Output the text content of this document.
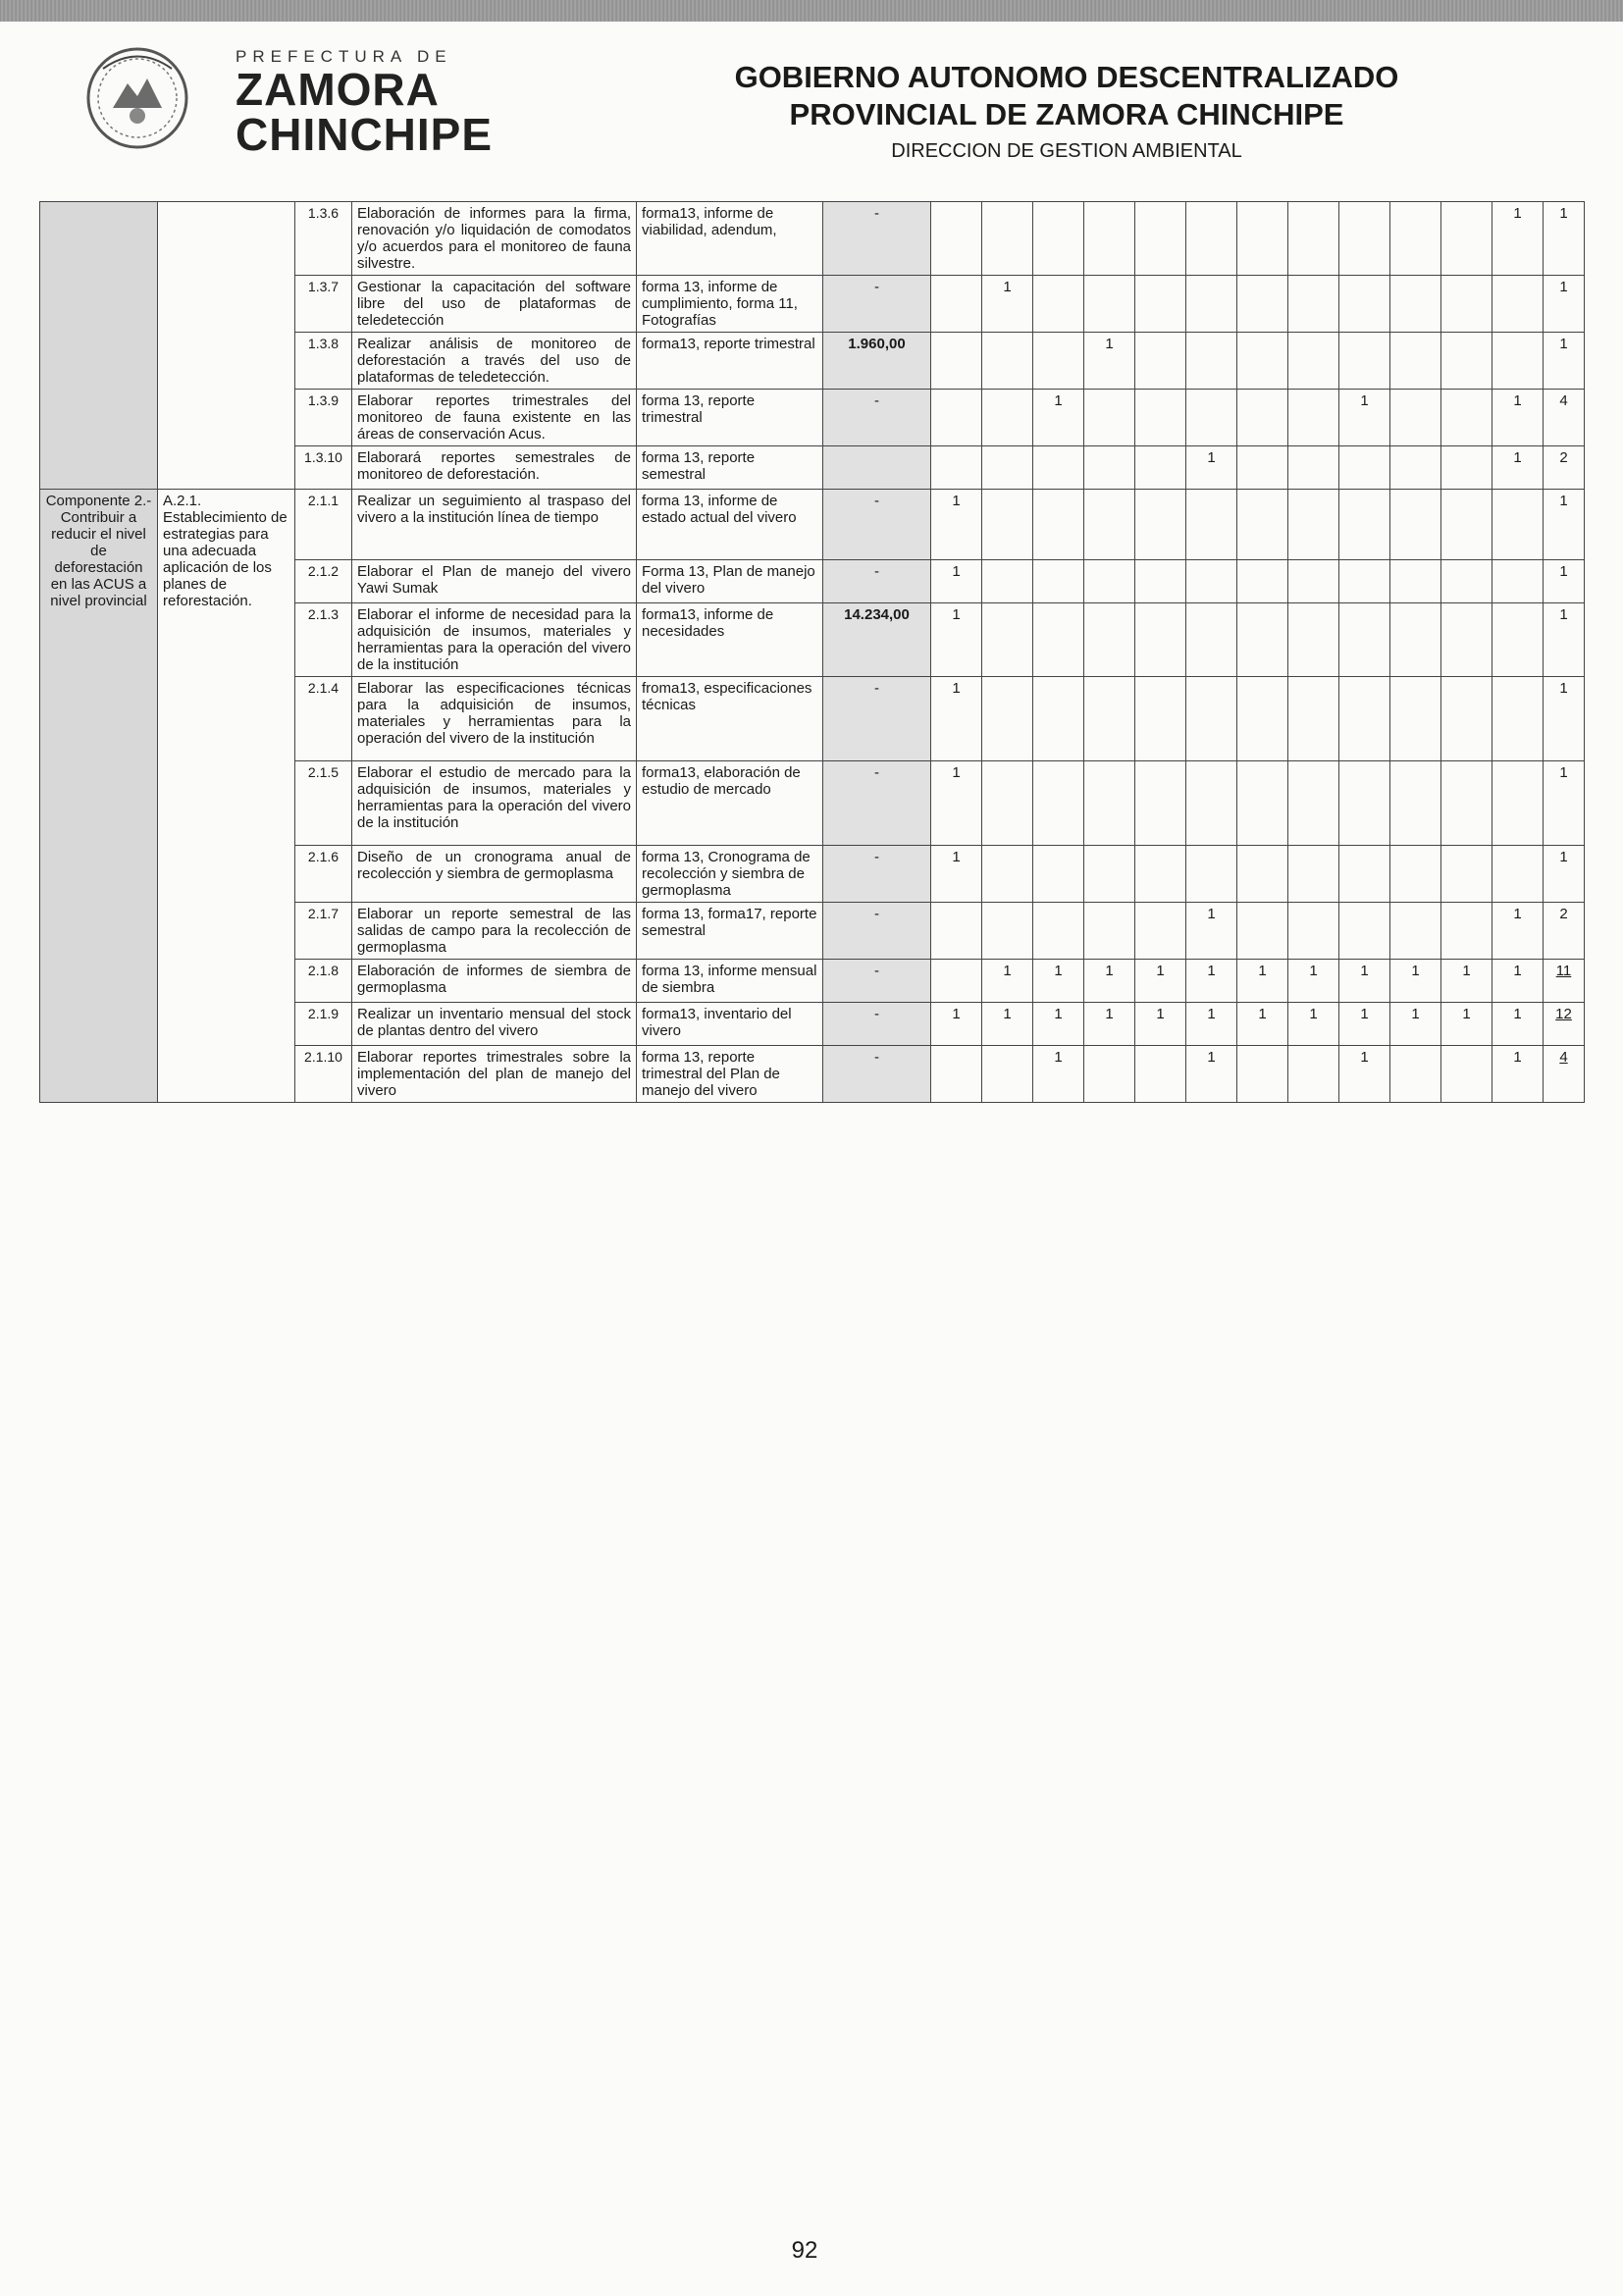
PREFECTURA DE
ZAMORA
CHINCHIPE
GOBIERNO AUTONOMO DESCENTRALIZADO
PROVINCIAL DE ZAMORA CHINCHIPE
DIRECCION DE GESTION AMBIENTAL
		1.3.6	Elaboración de informes para la firma, renovación y/o liquidación de comodatos y/o acuerdos para el monitoreo de fauna silvestre.	forma13, informe de viabilidad, adendum,	-												1	1
		1.3.7	Gestionar la capacitación del software libre del uso de plataformas de teledetección	forma 13, informe de cumplimiento, forma 11, Fotografías	-		1											1
		1.3.8	Realizar análisis de monitoreo de deforestación a través del uso de plataformas de teledetección.	forma13, reporte trimestral	1.960,00				1									1
		1.3.9	Elaborar reportes trimestrales del monitoreo de fauna existente en las áreas de conservación Acus.	forma 13, reporte trimestral	-			1						1			1	4
		1.3.10	Elaborará reportes semestrales de monitoreo de deforestación.	forma 13, reporte semestral							1						1	2
Componente 2.- Contribuir a reducir el nivel de deforestación en las ACUS a nivel provincial	A.2.1. Establecimiento de estrategias para una adecuada aplicación de los planes de reforestación.	2.1.1	Realizar un seguimiento al traspaso del vivero a la institución línea de tiempo	forma 13, informe de estado actual del vivero	-	1												1
		2.1.2	Elaborar el Plan de manejo del vivero Yawi Sumak	Forma 13, Plan de manejo del vivero	-	1												1
		2.1.3	Elaborar el informe de necesidad para la adquisición de insumos, materiales y herramientas para la operación del vivero de la institución	forma13, informe de necesidades	14.234,00	1												1
		2.1.4	Elaborar las especificaciones técnicas para la adquisición de insumos, materiales y herramientas para la operación del vivero de la institución	froma13, especificaciones técnicas	-	1												1
		2.1.5	Elaborar el estudio de mercado para la adquisición de insumos, materiales y herramientas para la operación del vivero de la institución	forma13, elaboración de estudio de mercado	-	1												1
		2.1.6	Diseño de un cronograma anual de recolección y siembra de germoplasma	forma 13, Cronograma de recolección y siembra de germoplasma	-	1												1
		2.1.7	Elaborar un reporte semestral de las salidas de campo para la recolección de germoplasma	forma 13, forma17, reporte semestral	-						1						1	2
		2.1.8	Elaboración de informes de siembra de germoplasma	forma 13, informe mensual de siembra	-		1	1	1	1	1	1	1	1	1	1	1	11
		2.1.9	Realizar un inventario mensual del stock de plantas dentro del vivero	forma13, inventario del vivero	-	1	1	1	1	1	1	1	1	1	1	1	1	12
		2.1.10	Elaborar reportes trimestrales sobre la implementación del plan de manejo del vivero	forma 13, reporte trimestral del Plan de manejo del vivero	-			1			1			1			1	4
92
